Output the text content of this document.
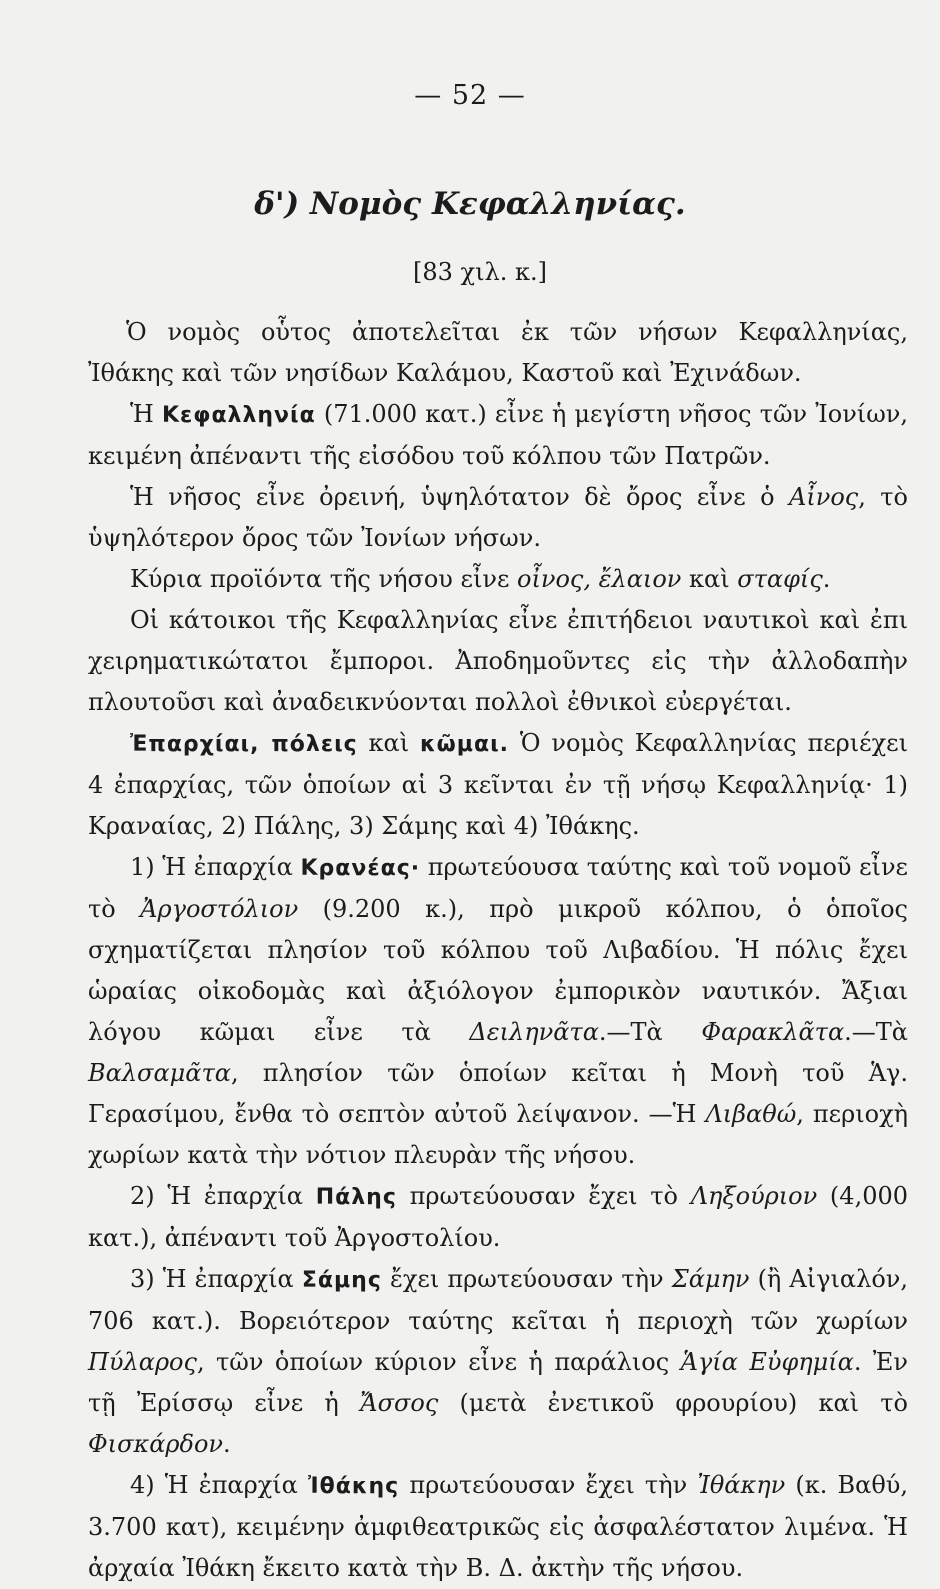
— 52 —
δ') Νομὸς Κεφαλληνίας.
[83 χιλ. κ.]

Ὁ νομὸς οὗτος ἀποτελεῖται ἐκ τῶν νήσων Κεφαλληνίας, Ἰθάκης καὶ τῶν νησίδων Καλάμου, Καστοῦ καὶ Ἐχινάδων.

Ἡ Κεφαλληνία (71.000 κατ.) εἶνε ἡ μεγίστη νῆσος τῶν Ἰονίων, κειμένη ἀπέναντι τῆς εἰσόδου τοῦ κόλπου τῶν Πατρῶν.

Ἡ νῆσος εἶνε ὀρεινή, ὑψηλότατον δὲ ὄρος εἶνε ὁ Αἶνος, τὸ ὑψηλότερον ὄρος τῶν Ἰονίων νήσων.

Κύρια προϊόντα τῆς νήσου εἶνε οἶνος, ἔλαιον καὶ σταφίς.

Οἱ κάτοικοι τῆς Κεφαλληνίας εἶνε ἐπιτήδειοι ναυτικοὶ καὶ ἐπι χειρηματικώτατοι ἔμποροι. Ἀποδημοῦντες εἰς τὴν ἀλλοδαπὴν πλουτοῦσι καὶ ἀναδεικνύονται πολλοὶ ἐθνικοὶ εὐεργέται.

Ἐπαρχίαι, πόλεις καὶ κῶμαι. Ὁ νομὸς Κεφαλληνίας περιέχει 4 ἐπαρχίας, τῶν ὁποίων αἱ 3 κεῖνται ἐν τῇ νήσῳ Κεφαλληνίᾳ· 1) Κραναίας, 2) Πάλης, 3) Σάμης καὶ 4) Ἰθάκης.

1) Ἡ ἐπαρχία Κρανέας· πρωτεύουσα ταύτης καὶ τοῦ νομοῦ εἶνε τὸ Ἀργοστόλιον (9.200 κ.), πρὸ μικροῦ κόλπου, ὁ ὁποῖος σχηματίζεται πλησίον τοῦ κόλπου τοῦ Λιβαδίου. Ἡ πόλις ἔχει ὡραίας οἰκοδομὰς καὶ ἀξιόλογον ἐμπορικὸν ναυτικόν. Ἄξιαι λόγου κῶμαι εἶνε τὰ Δειληνᾶτα.—Τὰ Φαρακλᾶτα.—Τὰ Βαλσαμᾶτα, πλησίον τῶν ὁποίων κεῖται ἡ Μονὴ τοῦ Ἁγ. Γερασίμου, ἔνθα τὸ σεπτὸν αὐτοῦ λείψανον. —Ἡ Λιβαθώ, περιοχὴ χωρίων κατὰ τὴν νότιον πλευρὰν τῆς νήσου.

2) Ἡ ἐπαρχία Πάλης πρωτεύουσαν ἔχει τὸ Ληξούριον (4,000 κατ.), ἀπέναντι τοῦ Ἀργοστολίου.

3) Ἡ ἐπαρχία Σάμης ἔχει πρωτεύουσαν τὴν Σάμην (ἢ Αἰγιαλόν, 706 κατ.). Βορειότερον ταύτης κεῖται ἡ περιοχὴ τῶν χωρίων Πύλαρος, τῶν ὁποίων κύριον εἶνε ἡ παράλιος Ἁγία Εὐφημία. Ἐν τῇ Ἐρίσσῳ εἶνε ἡ Ἄσσος (μετὰ ἐνετικοῦ φρουρίου) καὶ τὸ Φισκάρδον.

4) Ἡ ἐπαρχία Ἰθάκης πρωτεύουσαν ἔχει τὴν Ἰθάκην (κ. Βαθύ, 3.700 κατ), κειμένην ἀμφιθεατρικῶς εἰς ἀσφαλέστατον λιμένα. Ἡ ἀρχαία Ἰθάκη ἔκειτο κατὰ τὴν Β. Δ. ἀκτὴν τῆς νήσου.
